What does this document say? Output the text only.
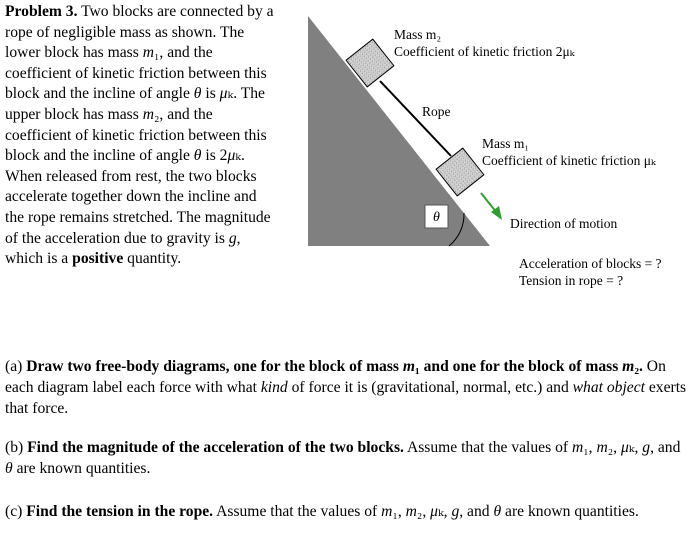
Problem 3. Two blocks are connected by a rope of negligible mass as shown. The lower block has mass m₁, and the coefficient of kinetic friction between this block and the incline of angle θ is μₖ. The upper block has mass m₂, and the coefficient of kinetic friction between this block and the incline of angle θ is 2μₖ. When released from rest, the two blocks accelerate together down the incline and the rope remains stretched. The magnitude of the acceleration due to gravity is g, which is a positive quantity.
θ
Mass m₂
Coefficient of kinetic friction 2μₖ
Rope
Mass m₁
Coefficient of kinetic friction μₖ
Direction of motion
Acceleration of blocks = ?
Tension in rope = ?
(a) Draw two free-body diagrams, one for the block of mass m₁ and one for the block of mass m₂. On each diagram label each force with what kind of force it is (gravitational, normal, etc.) and what object exerts that force.
(b) Find the magnitude of the acceleration of the two blocks. Assume that the values of m₁, m₂, μₖ, g, and θ are known quantities.
(c) Find the tension in the rope. Assume that the values of m₁, m₂, μₖ, g, and θ are known quantities.
